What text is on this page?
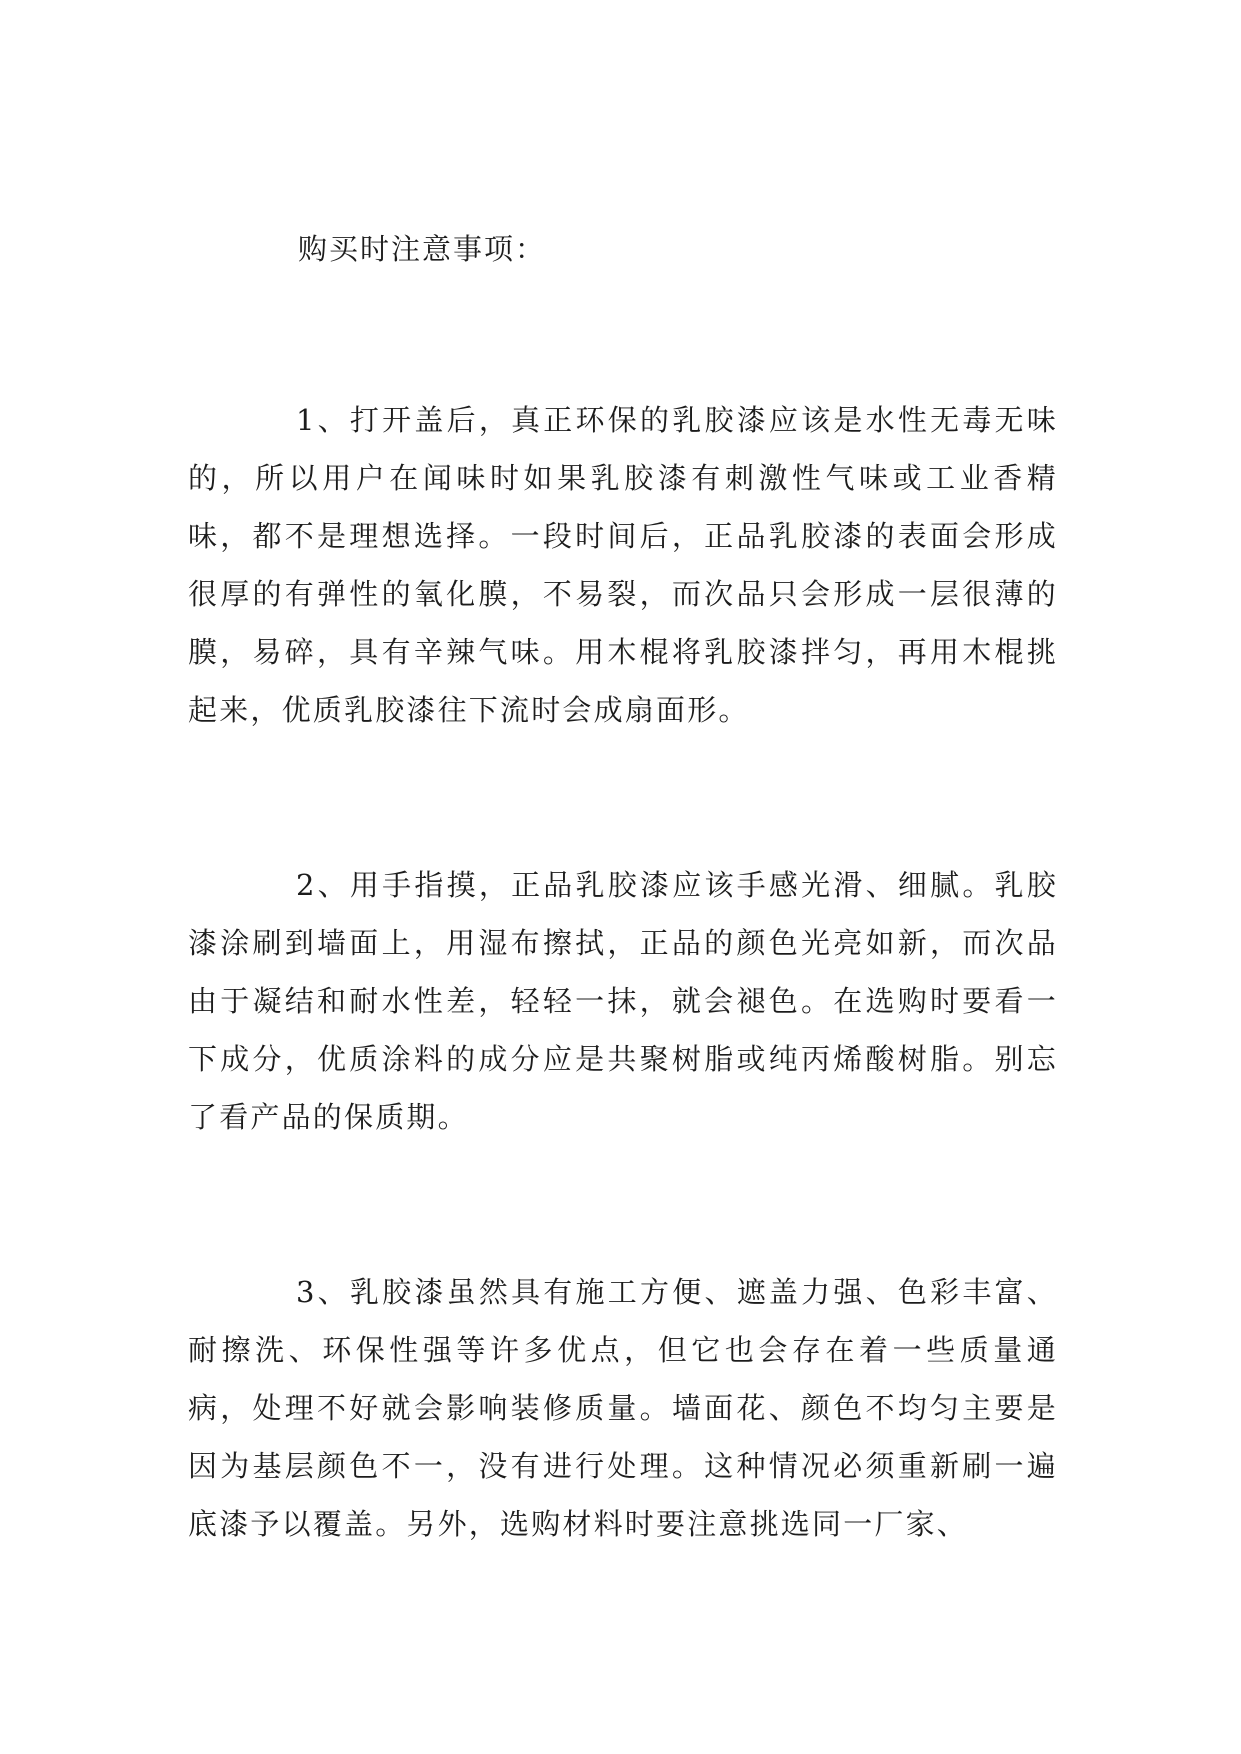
购买时注意事项：

1、打开盖后，真正环保的乳胶漆应该是水性无毒无味的，所以用户在闻味时如果乳胶漆有刺激性气味或工业香精味，都不是理想选择。一段时间后，正品乳胶漆的表面会形成很厚的有弹性的氧化膜，不易裂，而次品只会形成一层很薄的膜，易碎，具有辛辣气味。用木棍将乳胶漆拌匀，再用木棍挑起来，优质乳胶漆往下流时会成扇面形。

2、用手指摸，正品乳胶漆应该手感光滑、细腻。乳胶漆涂刷到墙面上，用湿布擦拭，正品的颜色光亮如新，而次品由于凝结和耐水性差，轻轻一抹，就会褪色。在选购时要看一下成分，优质涂料的成分应是共聚树脂或纯丙烯酸树脂。别忘了看产品的保质期。

3、乳胶漆虽然具有施工方便、遮盖力强、色彩丰富、耐擦洗、环保性强等许多优点，但它也会存在着一些质量通病，处理不好就会影响装修质量。墙面花、颜色不均匀主要是因为基层颜色不一，没有进行处理。这种情况必须重新刷一遍底漆予以覆盖。另外，选购材料时要注意挑选同一厂家、
